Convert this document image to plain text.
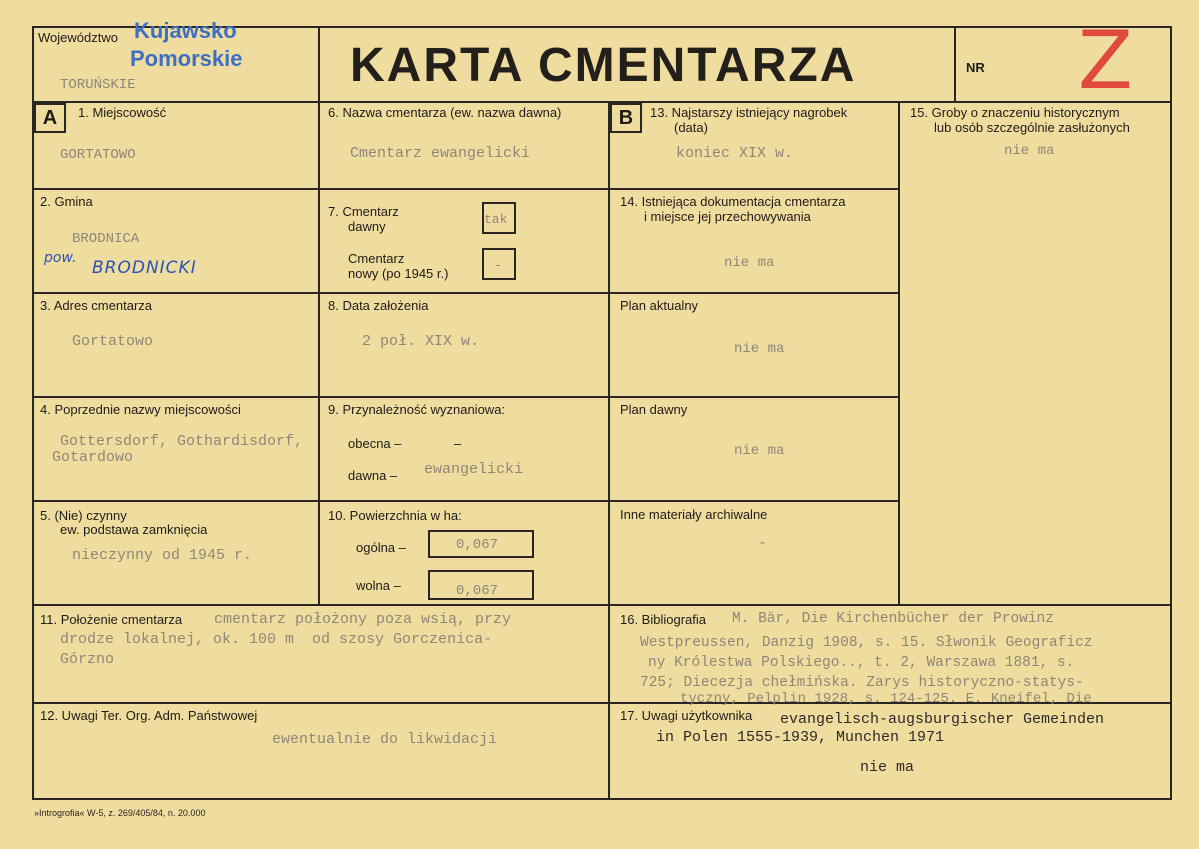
Województwo Kujawsko
Pomorskie
TORUŃSKIE	KARTA CMENTARZA	NR Z
A	B
1. Miejscowość
GORTATOWO
2. Gmina
BRODNICA
pow. BRODNICKI
3. Adres cmentarza
Gortatowo
4. Poprzednie nazwy miejscowości
Gottersdorf, Gothardisdorf,
Gotardowo
5. (Nie) czynny
ew. podstawa zamknięcia
nieczynny od 1945 r.
6. Nazwa cmentarza (ew. nazwa dawna)
Cmentarz ewangelicki
7. Cmentarz
dawny	tak
Cmentarz
nowy (po 1945 r.)
-
8. Data założenia
2 poł. XIX w.
9. Przynależność wyznaniowa:
obecna –	–
dawna – ewangelicki
10. Powierzchnia w ha:
ogólna –	0,067
wolna –	0,067
11. Położenie cmentarza cmentarz położony poza wsią, przy
drodze lokalnej, ok. 100 m  od szosy Gorczenica-
Górzno
12. Uwagi Ter. Org. Adm. Państwowej
ewentualnie do likwidacji
13. Najstarszy istniejący nagrobek
(data)
koniec XIX w.
14. Istniejąca dokumentacja cmentarza
i miejsce jej przechowywania
nie ma
Plan aktualny
nie ma
Plan dawny
nie ma
Inne materiały archiwalne
-
15. Groby o znaczeniu historycznym
lub osób szczególnie zasłużonych
nie ma
16. Bibliografia M. Bär, Die Kirchenbücher der Prowinz
Westpreussen, Danzig 1908, s. 15. Słwonik Geograficz
ny Królestwa Polskiego.., t. 2, Warszawa 1881, s.
725; Diecezja chełmińska. Zarys historyczno-statys-
tyczny, Pelplin 1928, s. 124-125. E. Kneifel, Die
17. Uwagi użytkownika evangelisch-augsburgischer Gemeinden
in Polen 1555-1939, Munchen 1971
nie ma
»Introgrofia« W-5, z. 269/405/84, n. 20.000
